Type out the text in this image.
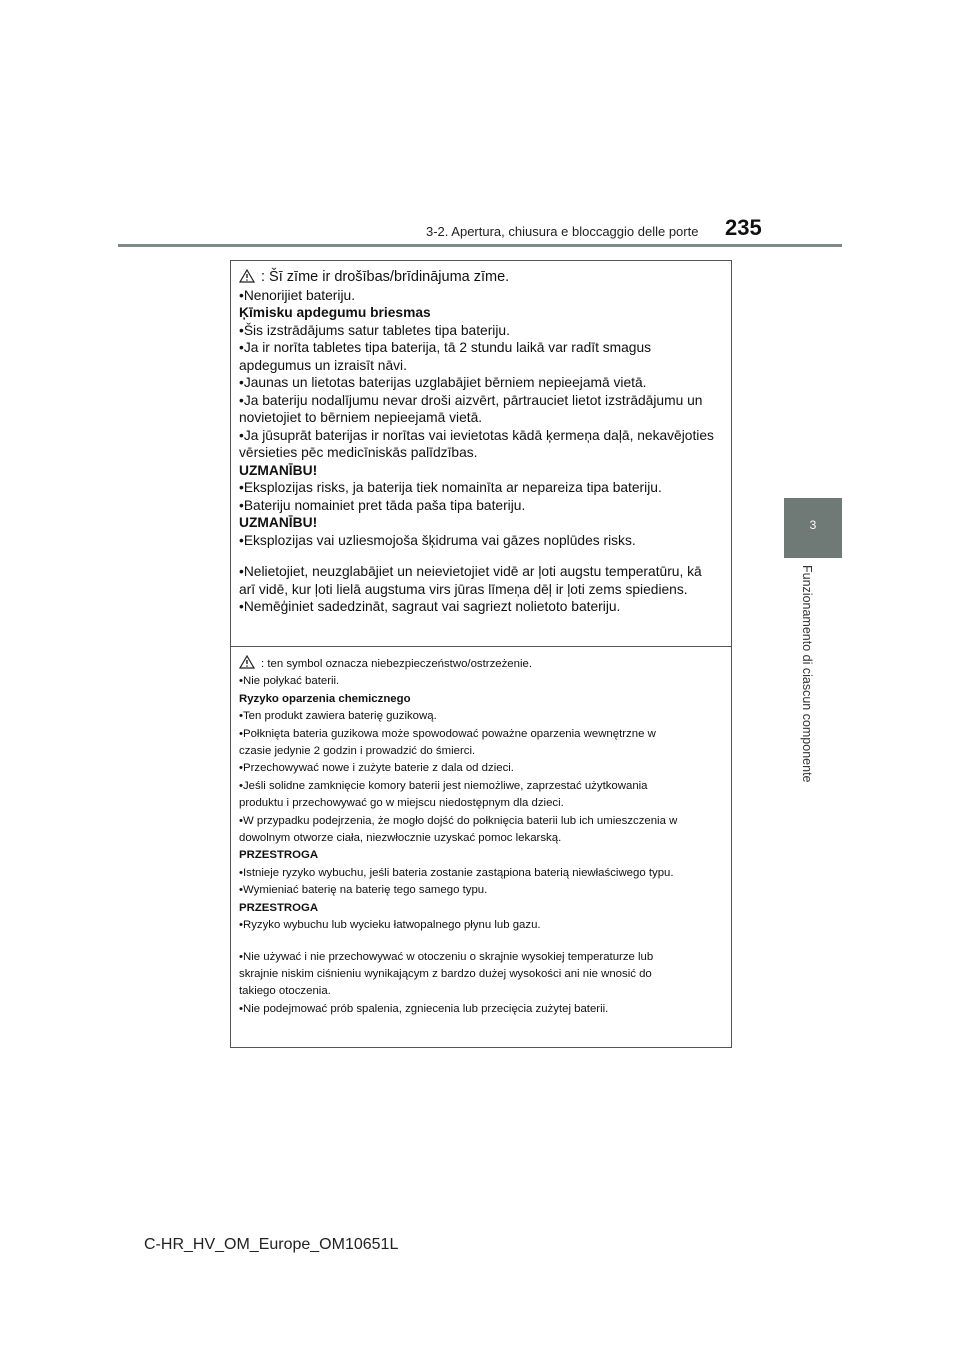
3-2. Apertura, chiusura e bloccaggio delle porte 235
3
Funzionamento di ciascun componente

: Šī zīme ir drošības/brīdinājuma zīme.

•Nenorijiet bateriju.

Ķīmisku apdegumu briesmas

•Šis izstrādājums satur tabletes tipa bateriju.

•Ja ir norīta tabletes tipa baterija, tā 2 stundu laikā var radīt smagus

apdegumus un izraisīt nāvi.

•Jaunas un lietotas baterijas uzglabājiet bērniem nepieejamā vietā.

•Ja bateriju nodalījumu nevar droši aizvērt, pārtrauciet lietot izstrādājumu un

novietojiet to bērniem nepieejamā vietā.

•Ja jūsuprāt baterijas ir norītas vai ievietotas kādā ķermeņa daļā, nekavējoties

vērsieties pēc medicīniskās palīdzības.

UZMANĪBU!

•Eksplozijas risks, ja baterija tiek nomainīta ar nepareiza tipa bateriju.

•Bateriju nomainiet pret tāda paša tipa bateriju.

UZMANĪBU!

•Eksplozijas vai uzliesmojoša šķidruma vai gāzes noplūdes risks.

•Nelietojiet, neuzglabājiet un neievietojiet vidē ar ļoti augstu temperatūru, kā

arī vidē, kur ļoti lielā augstuma virs jūras līmeņa dēļ ir ļoti zems spiediens.

•Nemēģiniet sadedzināt, sagraut vai sagriezt nolietoto bateriju.

: ten symbol oznacza niebezpieczeństwo/ostrzeżenie.

•Nie połykać baterii.

Ryzyko oparzenia chemicznego

•Ten produkt zawiera baterię guzikową.

•Połknięta bateria guzikowa może spowodować poważne oparzenia wewnętrzne w

czasie jedynie 2 godzin i prowadzić do śmierci.

•Przechowywać nowe i zużyte baterie z dala od dzieci.

•Jeśli solidne zamknięcie komory baterii jest niemożliwe, zaprzestać użytkowania

produktu i przechowywać go w miejscu niedostępnym dla dzieci.

•W przypadku podejrzenia, że mogło dojść do połknięcia baterii lub ich umieszczenia w

dowolnym otworze ciała, niezwłocznie uzyskać pomoc lekarską.

PRZESTROGA

•Istnieje ryzyko wybuchu, jeśli bateria zostanie zastąpiona baterią niewłaściwego typu.

•Wymieniać baterię na baterię tego samego typu.

PRZESTROGA

•Ryzyko wybuchu lub wycieku łatwopalnego płynu lub gazu.

•Nie używać i nie przechowywać w otoczeniu o skrajnie wysokiej temperaturze lub

skrajnie niskim ciśnieniu wynikającym z bardzo dużej wysokości ani nie wnosić do

takiego otoczenia.

•Nie podejmować prób spalenia, zgniecenia lub przecięcia zużytej baterii.

C-HR_HV_OM_Europe_OM10651L
